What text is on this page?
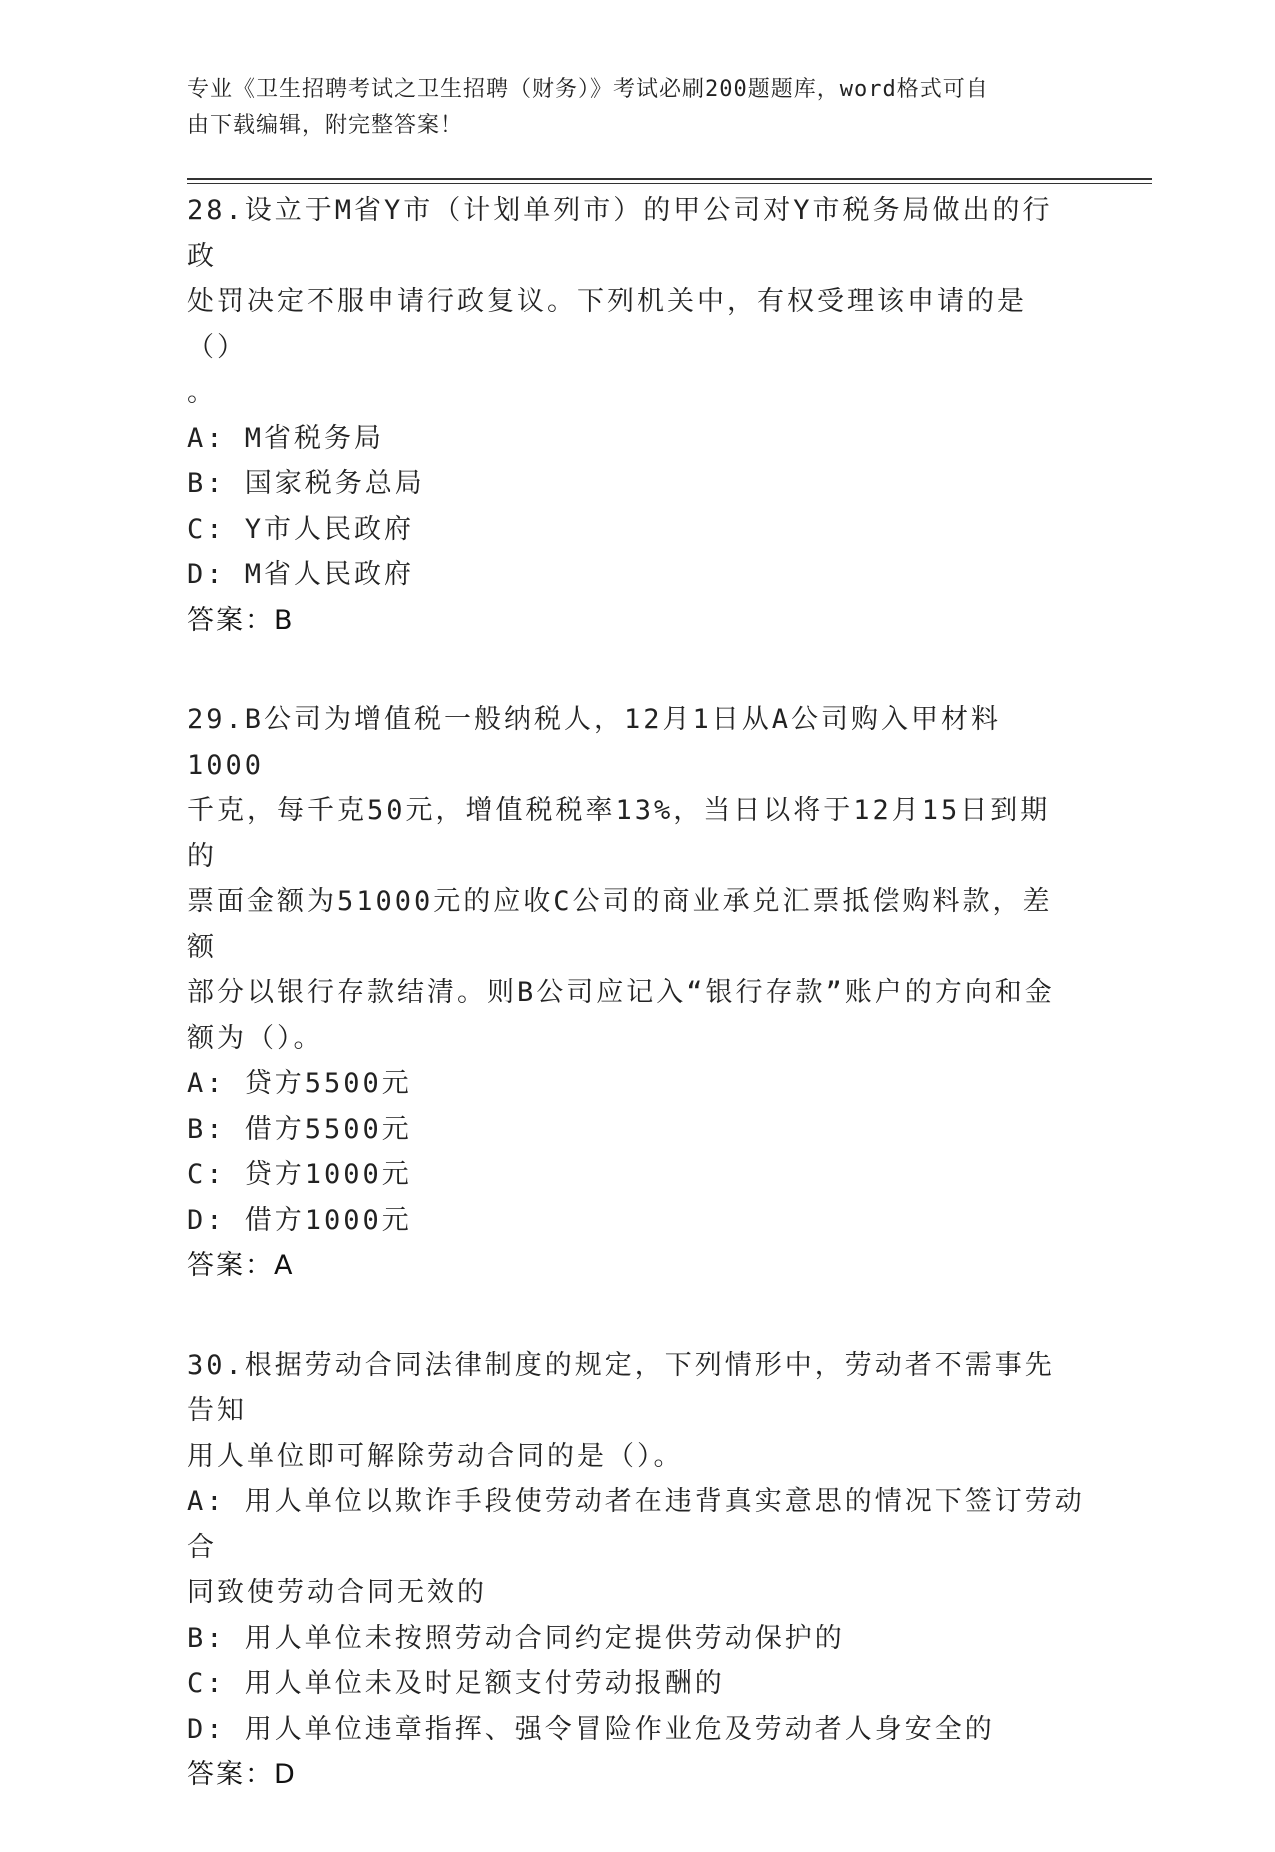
专业《卫生招聘考试之卫生招聘（财务）》考试必刷200题题库，word格式可自
由下载编辑，附完整答案！

28.设立于M省Y市（计划单列市）的甲公司对Y市税务局做出的行政

处罚决定不服申请行政复议。下列机关中，有权受理该申请的是（）

。

A: M省税务局

B: 国家税务总局

C: Y市人民政府

D: M省人民政府

答案：B

29.B公司为增值税一般纳税人，12月1日从A公司购入甲材料1000

千克，每千克50元，增值税税率13%，当日以将于12月15日到期的

票面金额为51000元的应收C公司的商业承兑汇票抵偿购料款，差额

部分以银行存款结清。则B公司应记入“银行存款”账户的方向和金

额为（）。

A: 贷方5500元

B: 借方5500元

C: 贷方1000元

D: 借方1000元

答案：A

30.根据劳动合同法律制度的规定，下列情形中，劳动者不需事先告知

用人单位即可解除劳动合同的是（）。

A: 用人单位以欺诈手段使劳动者在违背真实意思的情况下签订劳动合

同致使劳动合同无效的

B: 用人单位未按照劳动合同约定提供劳动保护的

C: 用人单位未及时足额支付劳动报酬的

D: 用人单位违章指挥、强令冒险作业危及劳动者人身安全的

答案：D
